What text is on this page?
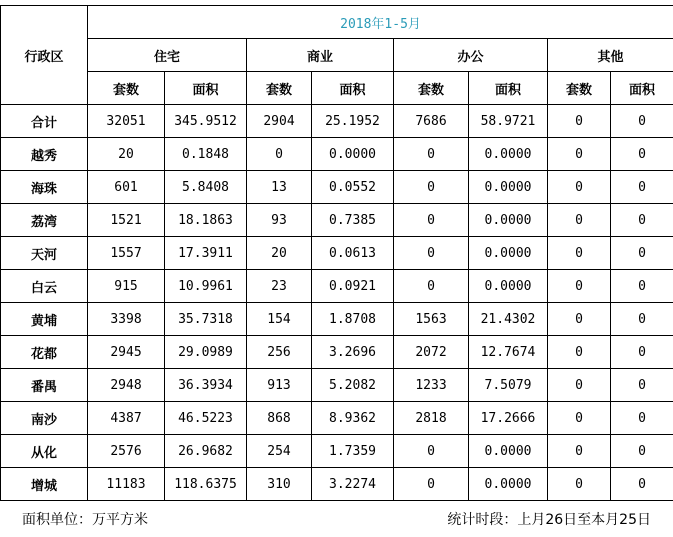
行政区	2018年1-5月							
	住宅		商业		办公		其他	
	套数	面积	套数	面积	套数	面积	套数	面积
合计	32051	345.9512	2904	25.1952	7686	58.9721	0	0
越秀	20	0.1848	0	0.0000	0	0.0000	0	0
海珠	601	5.8408	13	0.0552	0	0.0000	0	0
荔湾	1521	18.1863	93	0.7385	0	0.0000	0	0
天河	1557	17.3911	20	0.0613	0	0.0000	0	0
白云	915	10.9961	23	0.0921	0	0.0000	0	0
黄埔	3398	35.7318	154	1.8708	1563	21.4302	0	0
花都	2945	29.0989	256	3.2696	2072	12.7674	0	0
番禺	2948	36.3934	913	5.2082	1233	7.5079	0	0
南沙	4387	46.5223	868	8.9362	2818	17.2666	0	0
从化	2576	26.9682	254	1.7359	0	0.0000	0	0
增城	11183	118.6375	310	3.2274	0	0.0000	0	0
面积单位：万平方米	统计时段：上月26日至本月25日
